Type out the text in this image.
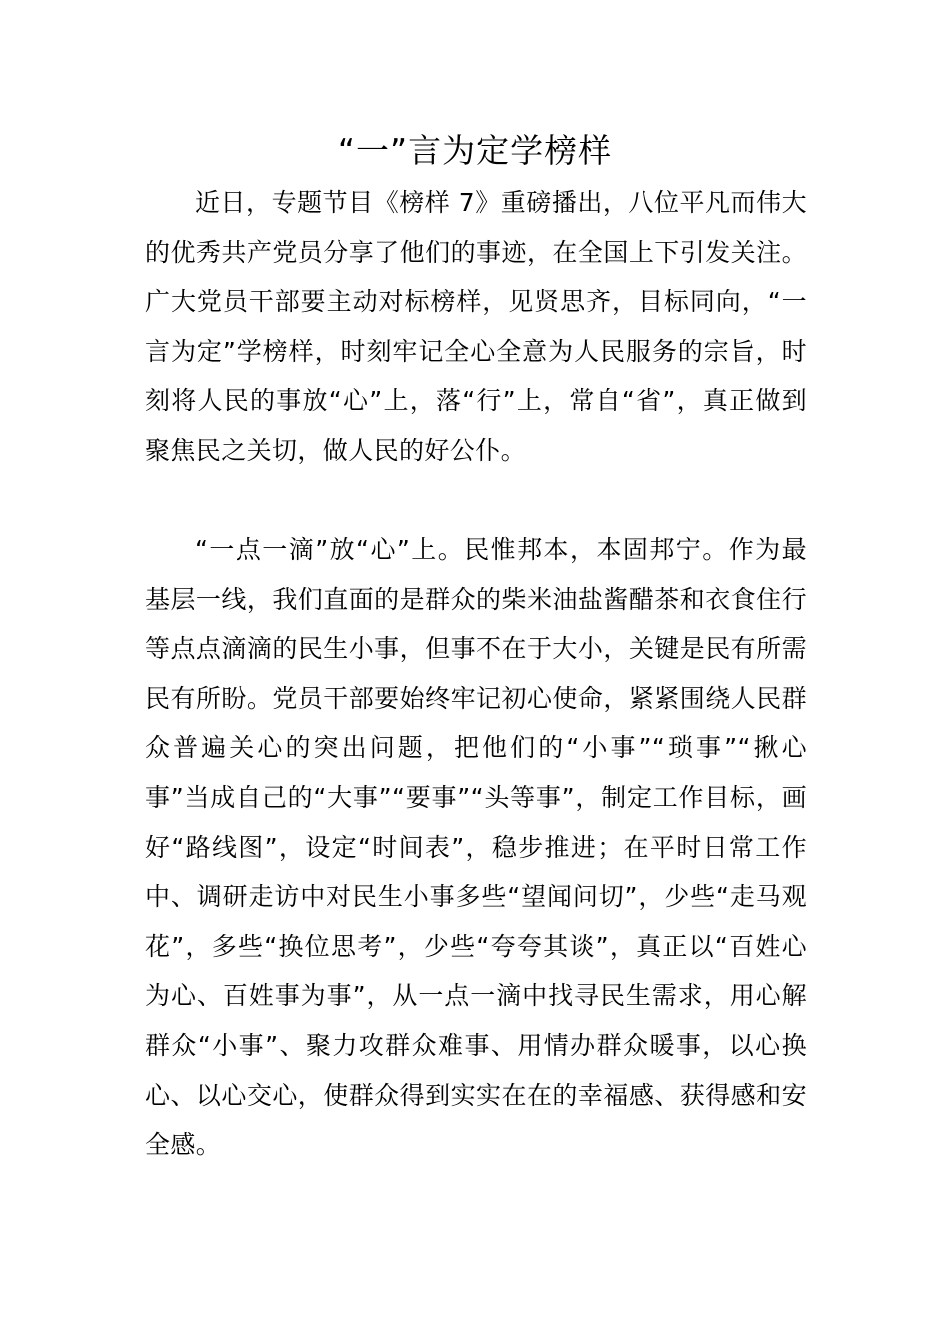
“一”言为定学榜样

近日，专题节目《榜样 7》重磅播出，八位平凡而伟大的优秀共产党员分享了他们的事迹，在全国上下引发关注。广大党员干部要主动对标榜样，见贤思齐，目标同向，“一言为定”学榜样，时刻牢记全心全意为人民服务的宗旨，时刻将人民的事放“心”上，落“行”上，常自“省”，真正做到聚焦民之关切，做人民的好公仆。

“一点一滴”放“心”上。民惟邦本，本固邦宁。作为最基层一线，我们直面的是群众的柴米油盐酱醋茶和衣食住行等点点滴滴的民生小事，但事不在于大小，关键是民有所需民有所盼。党员干部要始终牢记初心使命，紧紧围绕人民群众普遍关心的突出问题，把他们的“小事”“琐事”“揪心事”当成自己的“大事”“要事”“头等事”，制定工作目标，画好“路线图”，设定“时间表”，稳步推进；在平时日常工作中、调研走访中对民生小事多些“望闻问切”，少些“走马观花”，多些“换位思考”，少些“夸夸其谈”，真正以“百姓心为心、百姓事为事”，从一点一滴中找寻民生需求，用心解群众“小事”、聚力攻群众难事、用情办群众暖事，以心换心、以心交心，使群众得到实实在在的幸福感、获得感和安全感。
